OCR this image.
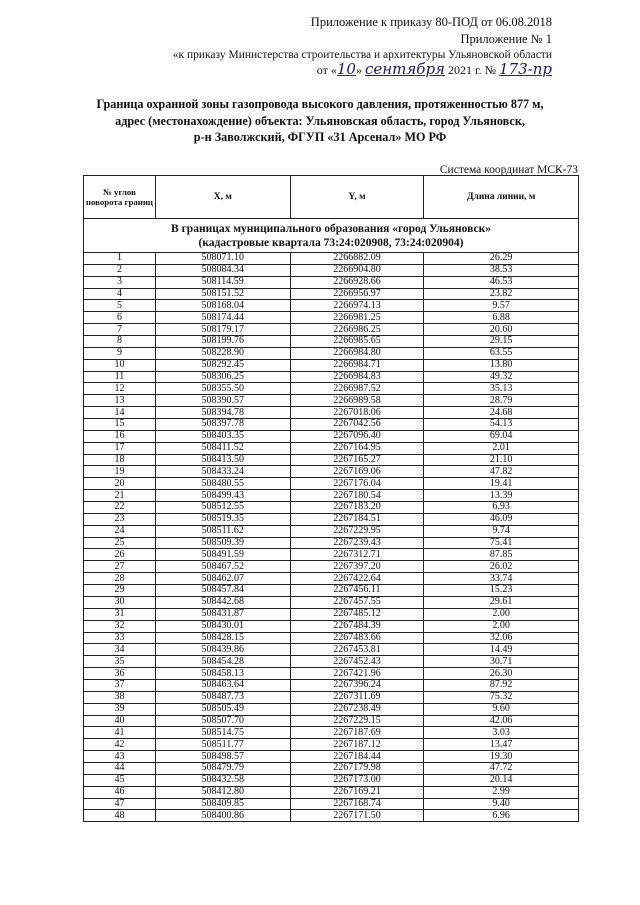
Приложение к приказу 80-ПОД от 06.08.2018
Приложение № 1
«к приказу Министерства строительства и архитектуры Ульяновской области
от «10» сентября 2021 г. № 173-пр
Граница охранной зоны газопровода высокого давления, протяженностью 877 м,
адрес (местонахождение) объекта: Ульяновская область, город Ульяновск,
р-н Заволжский, ФГУП «31 Арсенал» МО РФ
Система координат МСК-73
№ углов поворота границ	X, м	Y, м	Длина линии, м

В границах муниципального образования «город Ульяновск»
(кадастровые квартала 73:24:020908, 73:24:020904)			

1	508071.10	2266882.09	26.29
2	508084.34	2266904.80	38.53
3	508114.59	2266928.66	46.53
4	508151.52	2266956.97	23.82
5	508168.04	2266974.13	9.57
6	508174.44	2266981.25	6.88
7	508179.17	2266986.25	20.60
8	508199.76	2266985.65	29.15
9	508228.90	2266984.80	63.55
10	508292.45	2266984.71	13.80
11	508306.25	2266984.83	49.32
12	508355.50	2266987.52	35.13
13	508390.57	2266989.58	28.79
14	508394.78	2267018.06	24.68
15	508397.78	2267042.56	54.13
16	508403.35	2267096.40	69.04
17	508411.52	2267164.95	2.01
18	508413.50	2267165.27	21.10
19	508433.24	2267169.06	47.82
20	508480.55	2267176.04	19.41
21	508499.43	2267180.54	13.39
22	508512.55	2267183.20	6.93
23	508519.35	2267184.51	46.09
24	508511.62	2267229.95	9.74
25	508509.39	2267239.43	75.41
26	508491.59	2267312.71	87.85
27	508467.52	2267397.20	26.02
28	508462.07	2267422.64	33.74
29	508457.84	2267456.11	15.23
30	508442.68	2267457.55	29.61
31	508431.87	2267485.12	2.00
32	508430.01	2267484.39	2.00
33	508428.15	2267483.66	32.06
34	508439.86	2267453.81	14.49
35	508454.28	2267452.43	30.71
36	508458.13	2267421.96	26.30
37	508463.64	2267396.24	87.92
38	508487.73	2267311.69	75.32
39	508505.49	2267238.49	9.60
40	508507.70	2267229.15	42.06
41	508514.75	2267187.69	3.03
42	508511.77	2267187.12	13.47
43	508498.57	2267184.44	19.30
44	508479.79	2267179.98	47.72
45	508432.58	2267173.00	20.14
46	508412.80	2267169.21	2.99
47	508409.85	2267168.74	9.40
48	508400.86	2267171.50	6.96
